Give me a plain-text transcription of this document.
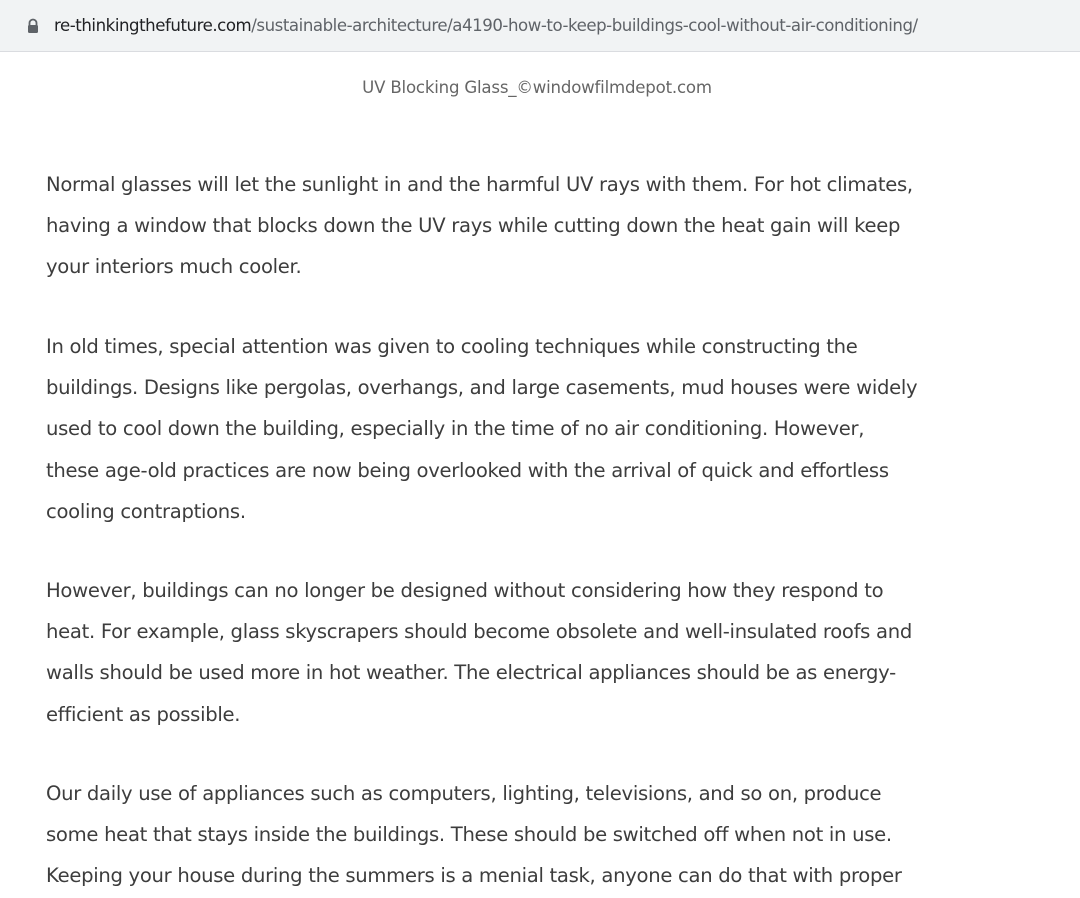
re-thinkingthefuture.com/sustainable-architecture/a4190-how-to-keep-buildings-cool-without-air-conditioning/
UV Blocking Glass_©windowfilmdepot.com
Normal glasses will let the sunlight in and the harmful UV rays with them. For hot climates,
having a window that blocks down the UV rays while cutting down the heat gain will keep
your interiors much cooler.
In old times, special attention was given to cooling techniques while constructing the
buildings. Designs like pergolas, overhangs, and large casements, mud houses were widely
used to cool down the building, especially in the time of no air conditioning. However,
these age-old practices are now being overlooked with the arrival of quick and effortless
cooling contraptions.
However, buildings can no longer be designed without considering how they respond to
heat. For example, glass skyscrapers should become obsolete and well-insulated roofs and
walls should be used more in hot weather. The electrical appliances should be as energy-
efficient as possible.
Our daily use of appliances such as computers, lighting, televisions, and so on, produce
some heat that stays inside the buildings. These should be switched off when not in use.
Keeping your house during the summers is a menial task, anyone can do that with proper
